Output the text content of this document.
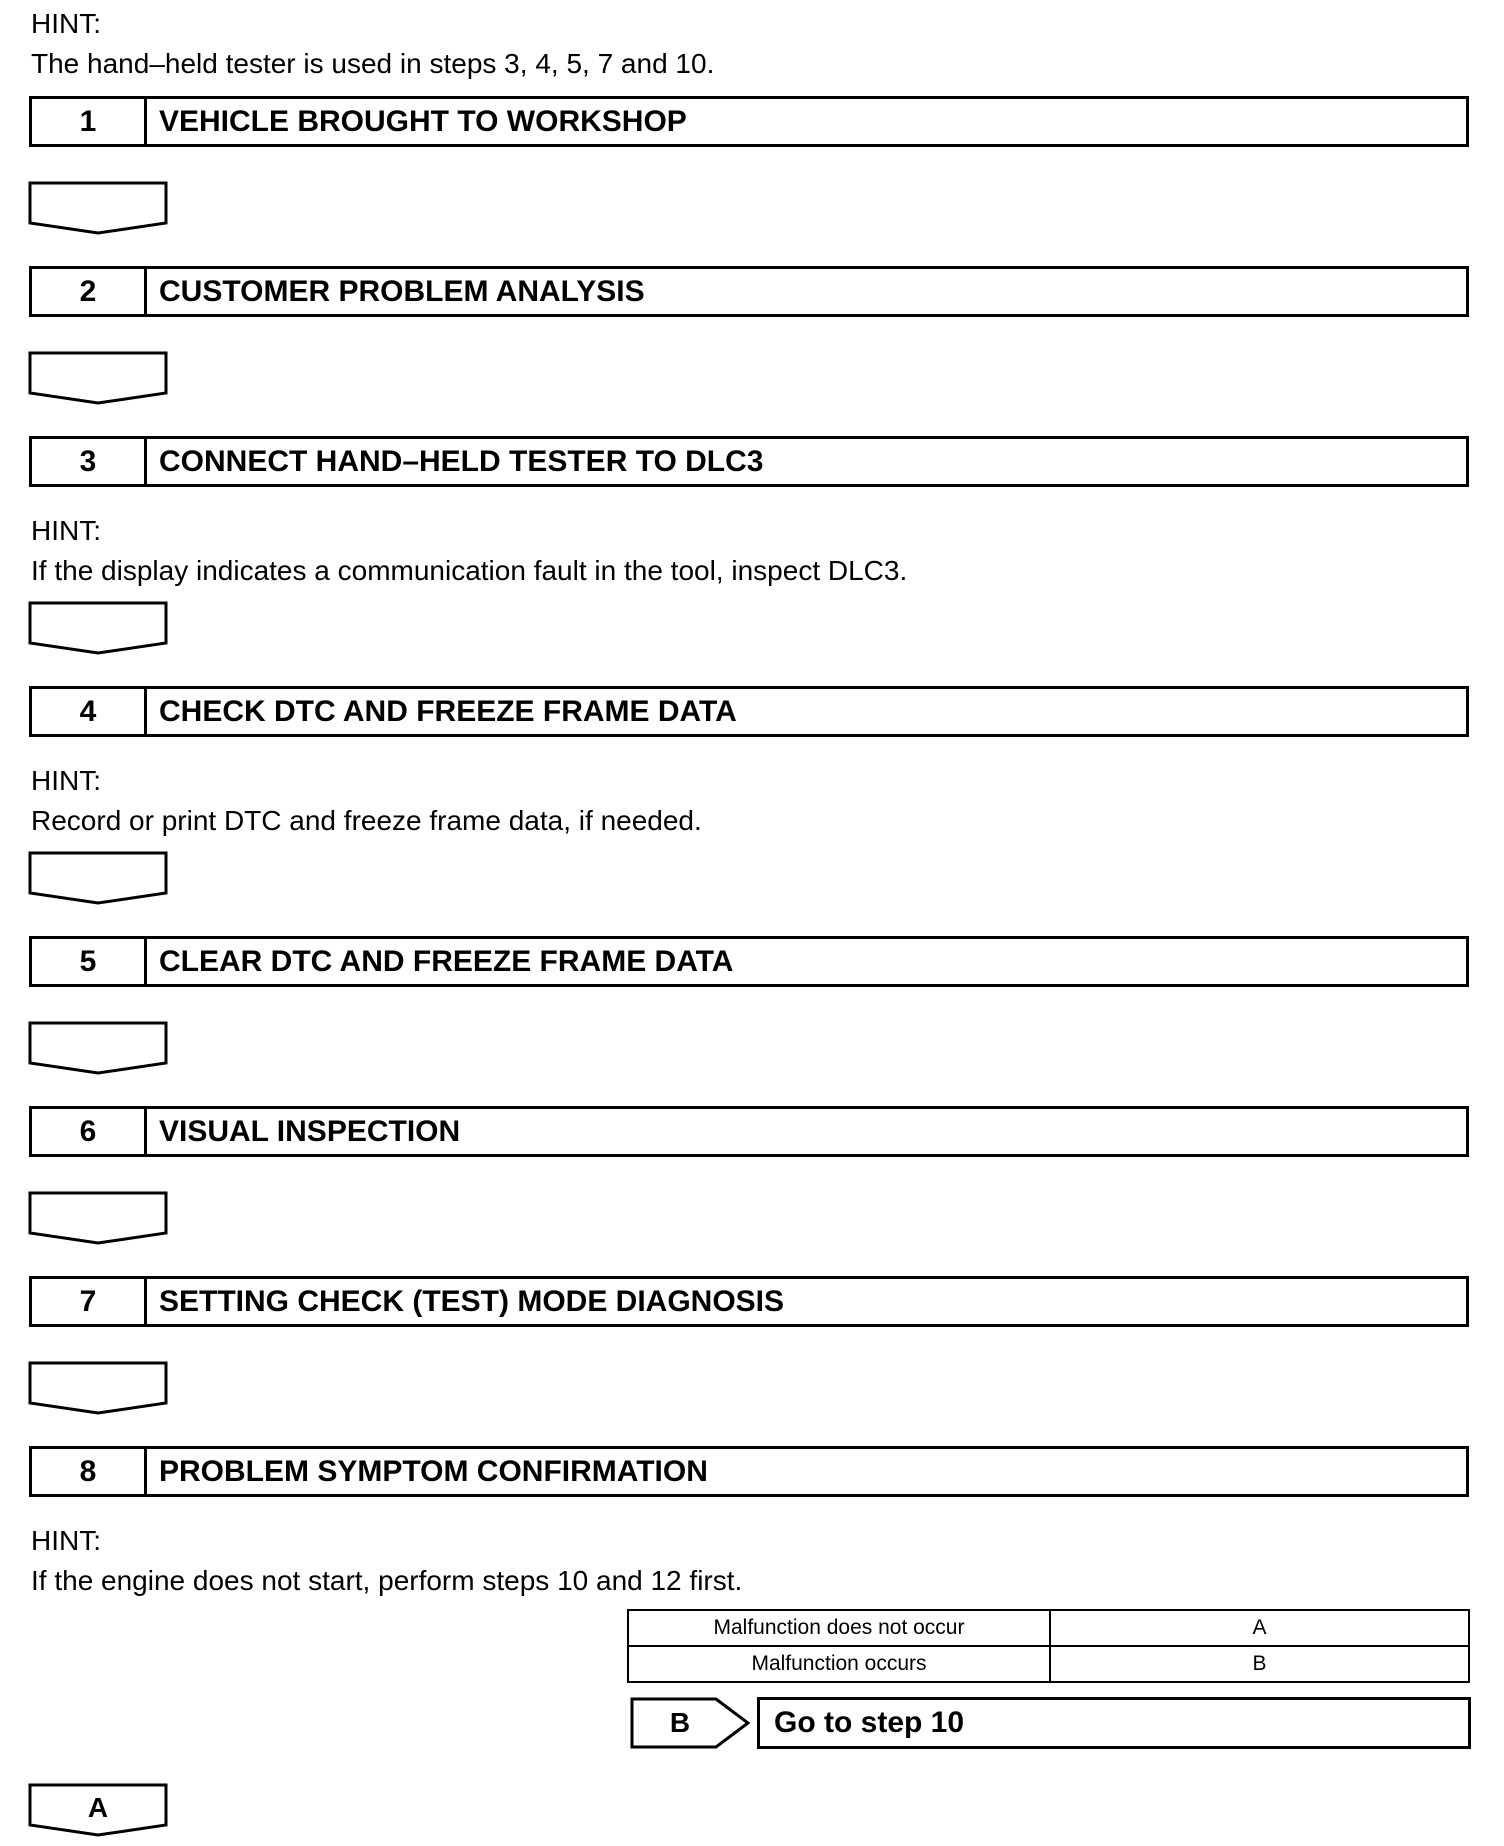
HINT:
The hand–held tester is used in steps 3, 4, 5, 7 and 10.
1	VEHICLE BROUGHT TO WORKSHOP
2	CUSTOMER PROBLEM ANALYSIS
3	CONNECT HAND–HELD TESTER TO DLC3
HINT:
If the display indicates a communication fault in the tool, inspect DLC3.
4	CHECK DTC AND FREEZE FRAME DATA
HINT:
Record or print DTC and freeze frame data, if needed.
5	CLEAR DTC AND FREEZE FRAME DATA
6	VISUAL INSPECTION
7	SETTING CHECK (TEST) MODE DIAGNOSIS
8	PROBLEM SYMPTOM CONFIRMATION
HINT:
If the engine does not start, perform steps 10 and 12 first.
Malfunction does not occur	A
Malfunction occurs	B
B	Go to step 10
A
